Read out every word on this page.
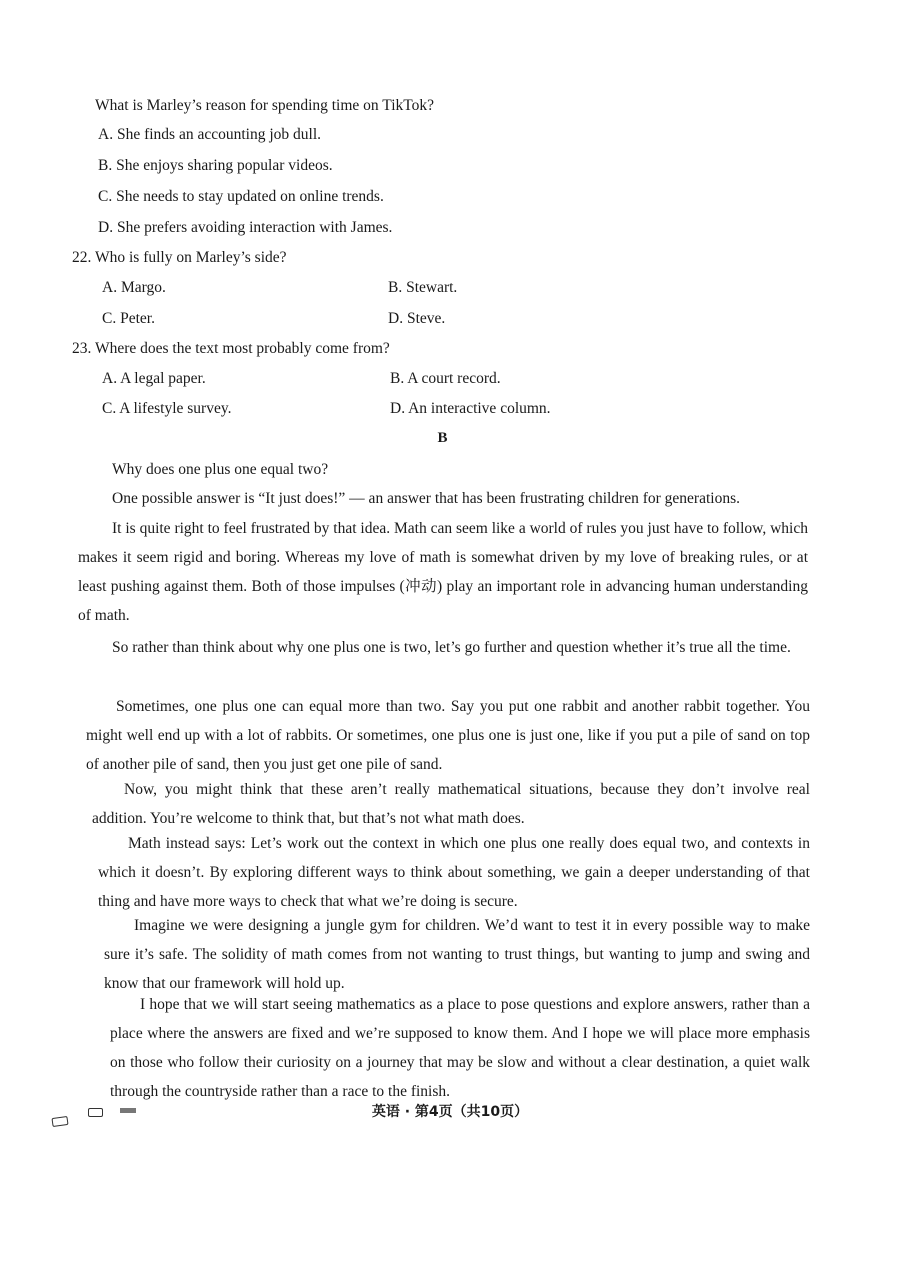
What is Marley’s reason for spending time on TikTok?
A. She finds an accounting job dull.
B. She enjoys sharing popular videos.
C. She needs to stay updated on online trends.
D. She prefers avoiding interaction with James.
22. Who is fully on Marley’s side?
A. Margo.	B. Stewart.
C. Peter.	D. Steve.
23. Where does the text most probably come from?
A. A legal paper.	B. A court record.
C. A lifestyle survey.	D. An interactive column.
B
Why does one plus one equal two?
One possible answer is “It just does!” — an answer that has been frustrating children for generations.
It is quite right to feel frustrated by that idea. Math can seem like a world of rules you just have to follow, which makes it seem rigid and boring. Whereas my love of math is somewhat driven by my love of breaking rules, or at least pushing against them. Both of those impulses (冲动) play an important role in advancing human understanding of math.
So rather than think about why one plus one is two, let’s go further and question whether it’s true all the time.
Sometimes, one plus one can equal more than two. Say you put one rabbit and another rabbit together. You might well end up with a lot of rabbits. Or sometimes, one plus one is just one, like if you put a pile of sand on top of another pile of sand, then you just get one pile of sand.
Now, you might think that these aren’t really mathematical situations, because they don’t involve real addition. You’re welcome to think that, but that’s not what math does.
Math instead says: Let’s work out the context in which one plus one really does equal two, and contexts in which it doesn’t. By exploring different ways to think about something, we gain a deeper understanding of that thing and have more ways to check that what we’re doing is secure.
Imagine we were designing a jungle gym for children. We’d want to test it in every possible way to make sure it’s safe. The solidity of math comes from not wanting to trust things, but wanting to jump and swing and know that our framework will hold up.
I hope that we will start seeing mathematics as a place to pose questions and explore answers, rather than a place where the answers are fixed and we’re supposed to know them. And I hope we will place more emphasis on those who follow their curiosity on a journey that may be slow and without a clear destination, a quiet walk through the countryside rather than a race to the finish.
英语 · 第4页（共10页）
